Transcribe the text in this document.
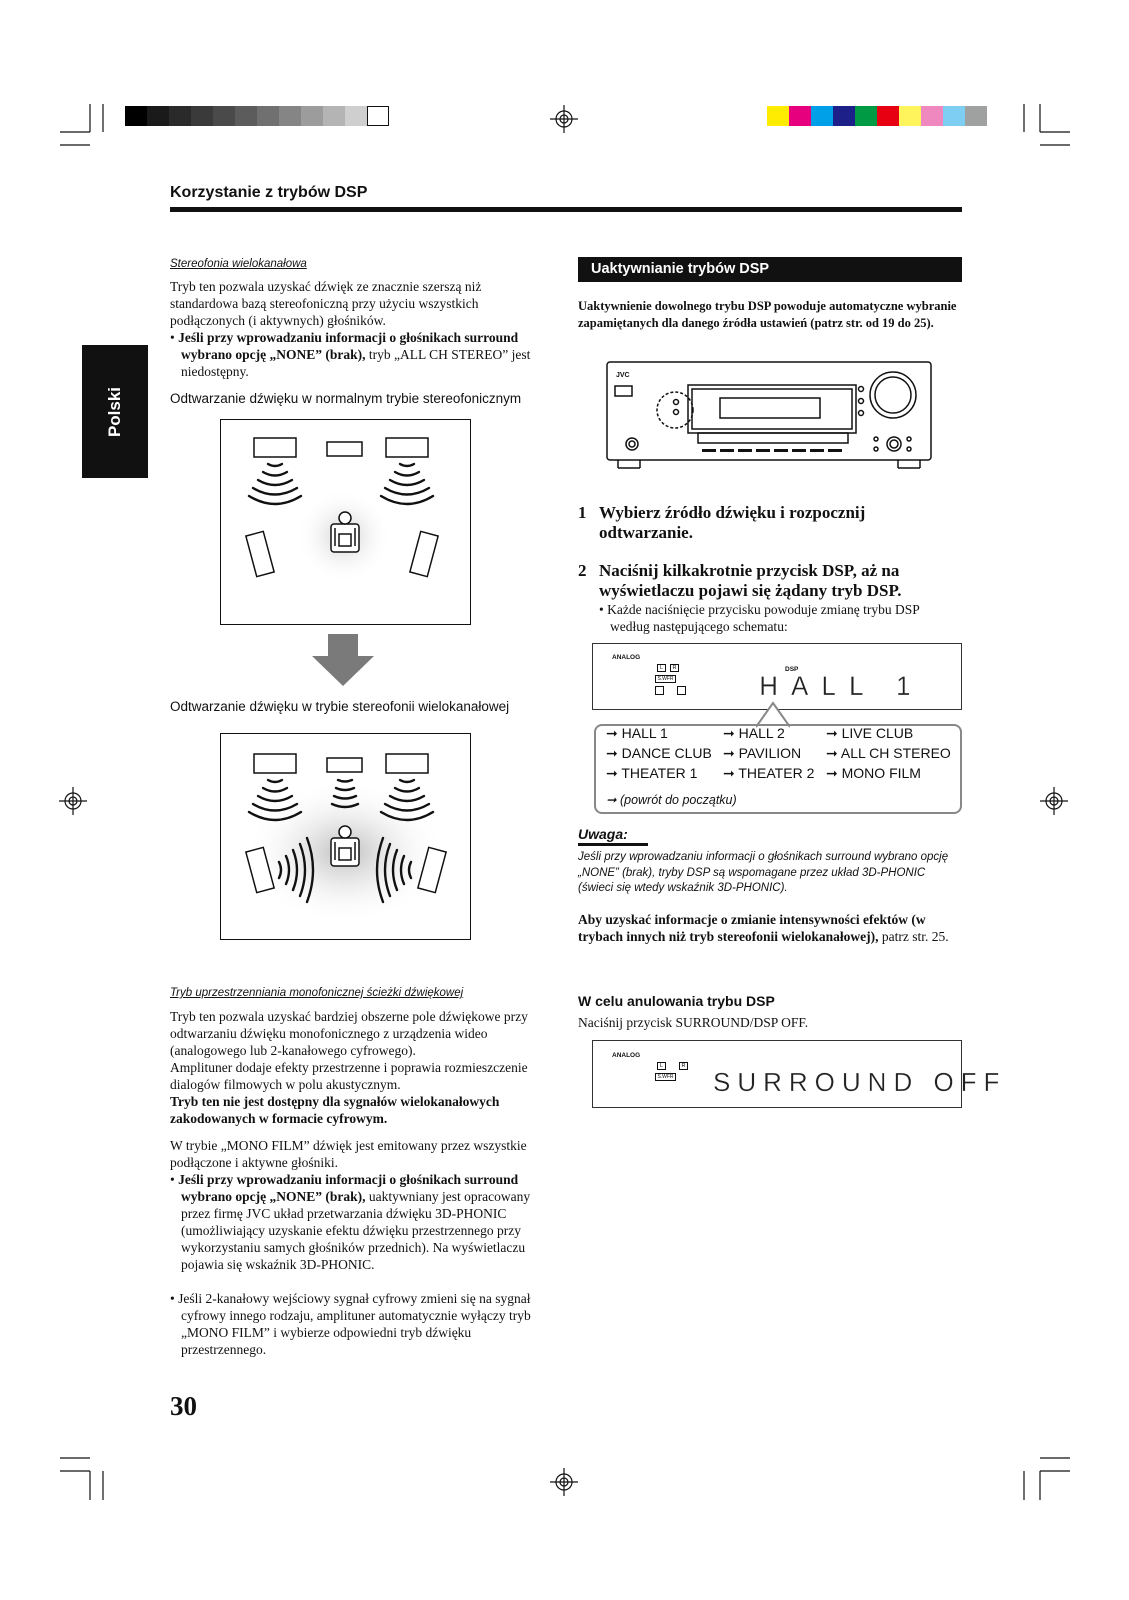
Korzystanie z trybów DSP
Polski
Stereofonia wielokanałowa
Tryb ten pozwala uzyskać dźwięk ze znacznie szerszą niż standardowa bazą stereofoniczną przy użyciu wszystkich podłączonych (i aktywnych) głośników.
• Jeśli przy wprowadzaniu informacji o głośnikach surround wybrano opcję „NONE” (brak), tryb „ALL CH STEREO” jest niedostępny.
Odtwarzanie dźwięku w normalnym trybie stereofonicznym
Odtwarzanie dźwięku w trybie stereofonii wielokanałowej
Tryb uprzestrzenniania monofonicznej ścieżki dźwiękowej
Tryb ten pozwala uzyskać bardziej obszerne pole dźwiękowe przy odtwarzaniu dźwięku monofonicznego z urządzenia wideo (analogowego lub 2-kanałowego cyfrowego).
Amplituner dodaje efekty przestrzenne i poprawia rozmieszczenie dialogów filmowych w polu akustycznym.
Tryb ten nie jest dostępny dla sygnałów wielokanałowych zakodowanych w formacie cyfrowym.
W trybie „MONO FILM” dźwięk jest emitowany przez wszystkie podłączone i aktywne głośniki.
• Jeśli przy wprowadzaniu informacji o głośnikach surround wybrano opcję „NONE” (brak), uaktywniany jest opracowany przez firmę JVC układ przetwarzania dźwięku 3D-PHONIC (umożliwiający uzyskanie efektu dźwięku przestrzennego przy wykorzystaniu samych głośników przednich). Na wyświetlaczu pojawia się wskaźnik 3D-PHONIC.
• Jeśli 2-kanałowy wejściowy sygnał cyfrowy zmieni się na sygnał cyfrowy innego rodzaju, amplituner automatycznie wyłączy tryb „MONO FILM” i wybierze odpowiedni tryb dźwięku przestrzennego.
Uaktywnianie trybów DSP
Uaktywnienie dowolnego trybu DSP powoduje automatyczne wybranie zapamiętanych dla danego źródła ustawień (patrz str. od 19 do 25).
JVC
1 Wybierz źródło dźwięku i rozpocznij odtwarzanie.
2 Naciśnij kilkakrotnie przycisk DSP, aż na wyświetlaczu pojawi się żądany tryb DSP.
• Każde naciśnięcie przycisku powoduje zmianę trybu DSP według następującego schematu:
ANALOG
L	R
S.WFR
DSP
HALL 1
➞ HALL 1	➞ HALL 2	➞ LIVE CLUB
➞ DANCE CLUB ➞ PAVILION ➞ ALL CH STEREO
➞ THEATER 1 ➞ THEATER 2 ➞ MONO FILM
➞ (powrót do początku)
Uwaga:
Jeśli przy wprowadzaniu informacji o głośnikach surround wybrano opcję „NONE” (brak), tryby DSP są wspomagane przez układ 3D-PHONIC (świeci się wtedy wskaźnik 3D-PHONIC).
Aby uzyskać informacje o zmianie intensywności efektów (w trybach innych niż tryb stereofonii wielokanałowej), patrz str. 25.
W celu anulowania trybu DSP
Naciśnij przycisk SURROUND/DSP OFF.
ANALOG
L	R
S.WFR SURROUND OFF
30
